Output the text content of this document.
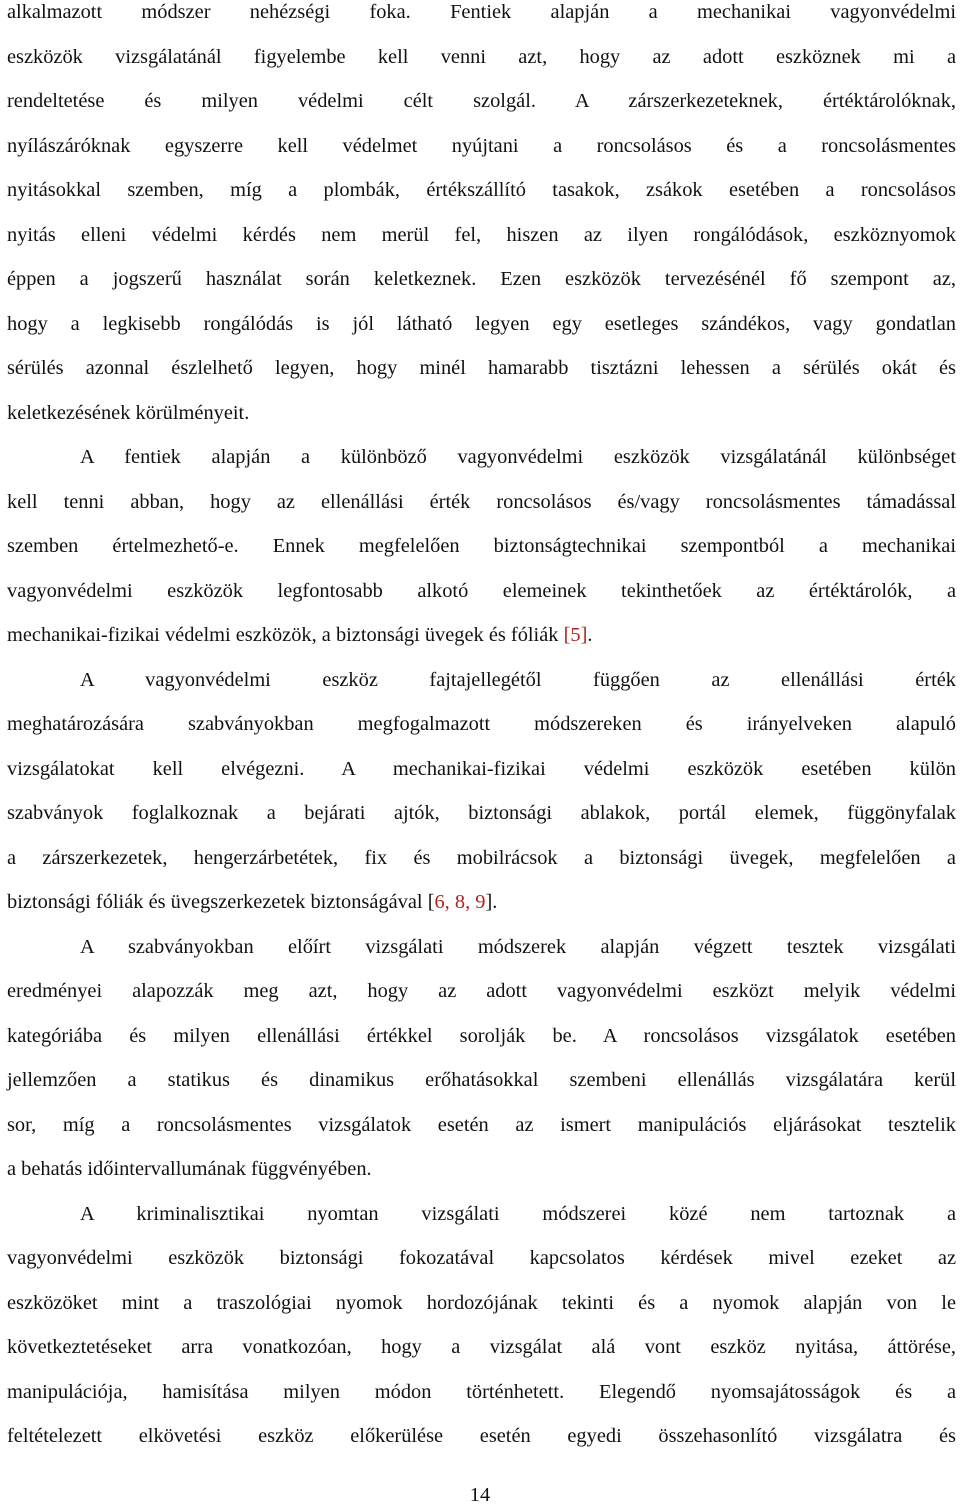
alkalmazott módszer nehézségi foka. Fentiek alapján a mechanikai vagyonvédelmi
eszközök vizsgálatánál figyelembe kell venni azt, hogy az adott eszköznek mi a
rendeltetése és milyen védelmi célt szolgál. A zárszerkezeteknek, értéktárolóknak,
nyílászáróknak egyszerre kell védelmet nyújtani a roncsolásos és a roncsolásmentes
nyitásokkal szemben, míg a plombák, értékszállító tasakok, zsákok esetében a roncsolásos
nyitás elleni védelmi kérdés nem merül fel, hiszen az ilyen rongálódások, eszköznyomok
éppen a jogszerű használat során keletkeznek. Ezen eszközök tervezésénél fő szempont az,
hogy a legkisebb rongálódás is jól látható legyen egy esetleges szándékos, vagy gondatlan
sérülés azonnal észlelhető legyen, hogy minél hamarabb tisztázni lehessen a sérülés okát és
keletkezésének körülményeit.
A fentiek alapján a különböző vagyonvédelmi eszközök vizsgálatánál különbséget
kell tenni abban, hogy az ellenállási érték roncsolásos és/vagy roncsolásmentes támadással
szemben értelmezhető-e. Ennek megfelelően biztonságtechnikai szempontból a mechanikai
vagyonvédelmi eszközök legfontosabb alkotó elemeinek tekinthetőek az értéktárolók, a
mechanikai-fizikai védelmi eszközök, a biztonsági üvegek és fóliák [5].
A vagyonvédelmi eszköz fajtajellegétől függően az ellenállási érték
meghatározására szabványokban megfogalmazott módszereken és irányelveken alapuló
vizsgálatokat kell elvégezni. A mechanikai-fizikai védelmi eszközök esetében külön
szabványok foglalkoznak a bejárati ajtók, biztonsági ablakok, portál elemek, függönyfalak
a zárszerkezetek, hengerzárbetétek, fix és mobilrácsok a biztonsági üvegek, megfelelően a
biztonsági fóliák és üvegszerkezetek biztonságával [6, 8, 9].
A szabványokban előírt vizsgálati módszerek alapján végzett tesztek vizsgálati
eredményei alapozzák meg azt, hogy az adott vagyonvédelmi eszközt melyik védelmi
kategóriába és milyen ellenállási értékkel sorolják be. A roncsolásos vizsgálatok esetében
jellemzően a statikus és dinamikus erőhatásokkal szembeni ellenállás vizsgálatára kerül
sor, míg a roncsolásmentes vizsgálatok esetén az ismert manipulációs eljárásokat tesztelik
a behatás időintervallumának függvényében.
A kriminalisztikai nyomtan vizsgálati módszerei közé nem tartoznak a
vagyonvédelmi eszközök biztonsági fokozatával kapcsolatos kérdések mivel ezeket az
eszközöket mint a traszológiai nyomok hordozójának tekinti és a nyomok alapján von le
következtetéseket arra vonatkozóan, hogy a vizsgálat alá vont eszköz nyitása, áttörése,
manipulációja, hamisítása milyen módon történhetett. Elegendő nyomsajátosságok és a
feltételezett elkövetési eszköz előkerülése esetén egyedi összehasonlító vizsgálatra és
14
